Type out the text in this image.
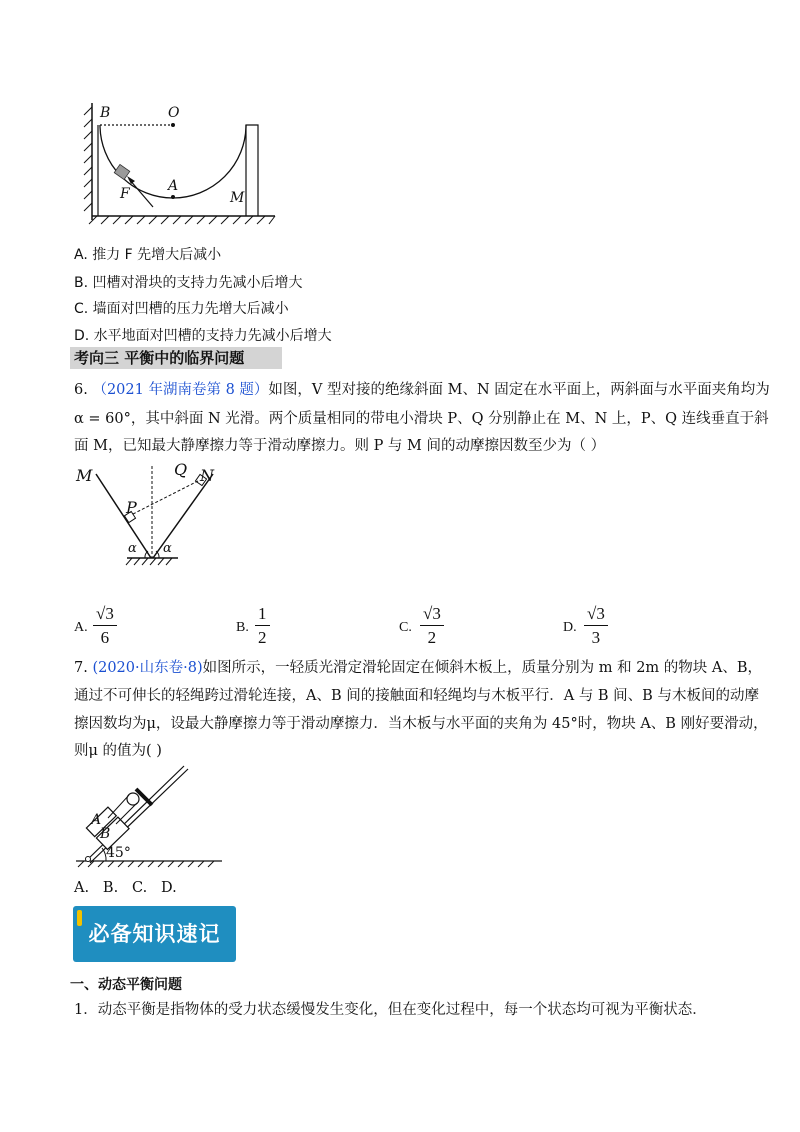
B	O
A
F	M
A. 推力 F 先增大后减小
B. 凹槽对滑块的支持力先减小后增大
C. 墙面对凹槽的压力先增大后减小
D. 水平地面对凹槽的支持力先减小后增大
考向三 平衡中的临界问题
6. （2021 年湖南卷第 8 题）如图，V 型对接的绝缘斜面 M、N 固定在水平面上，两斜面与水平面夹角均为
α = 60°，其中斜面 N 光滑。两个质量相同的带电小滑块 P、Q 分别静止在 M、N 上，P、Q 连线垂直于斜
面 M，已知最大静摩擦力等于滑动摩擦力。则 P 与 M 间的动摩擦因数至少为（ ）
M	Q N
P
α α
A. $\frac{√3}{6}$	B. $\frac{1}{2}$	C. $\frac{√3}{2}$	D. $\frac{√3}{3}$
7. (2020·山东卷·8)如图所示，一轻质光滑定滑轮固定在倾斜木板上，质量分别为 m 和 2m 的物块 A、B，
通过不可伸长的轻绳跨过滑轮连接，A、B 间的接触面和轻绳均与木板平行．A 与 B 间、B 与木板间的动摩
擦因数均为μ，设最大静摩擦力等于滑动摩擦力．当木板与水平面的夹角为 45°时，物块 A、B 刚好要滑动，
则μ 的值为( )
A
B
45°
A.   B.   C.   D.
必备知识速记
一、动态平衡问题
1．动态平衡是指物体的受力状态缓慢发生变化，但在变化过程中，每一个状态均可视为平衡状态．
